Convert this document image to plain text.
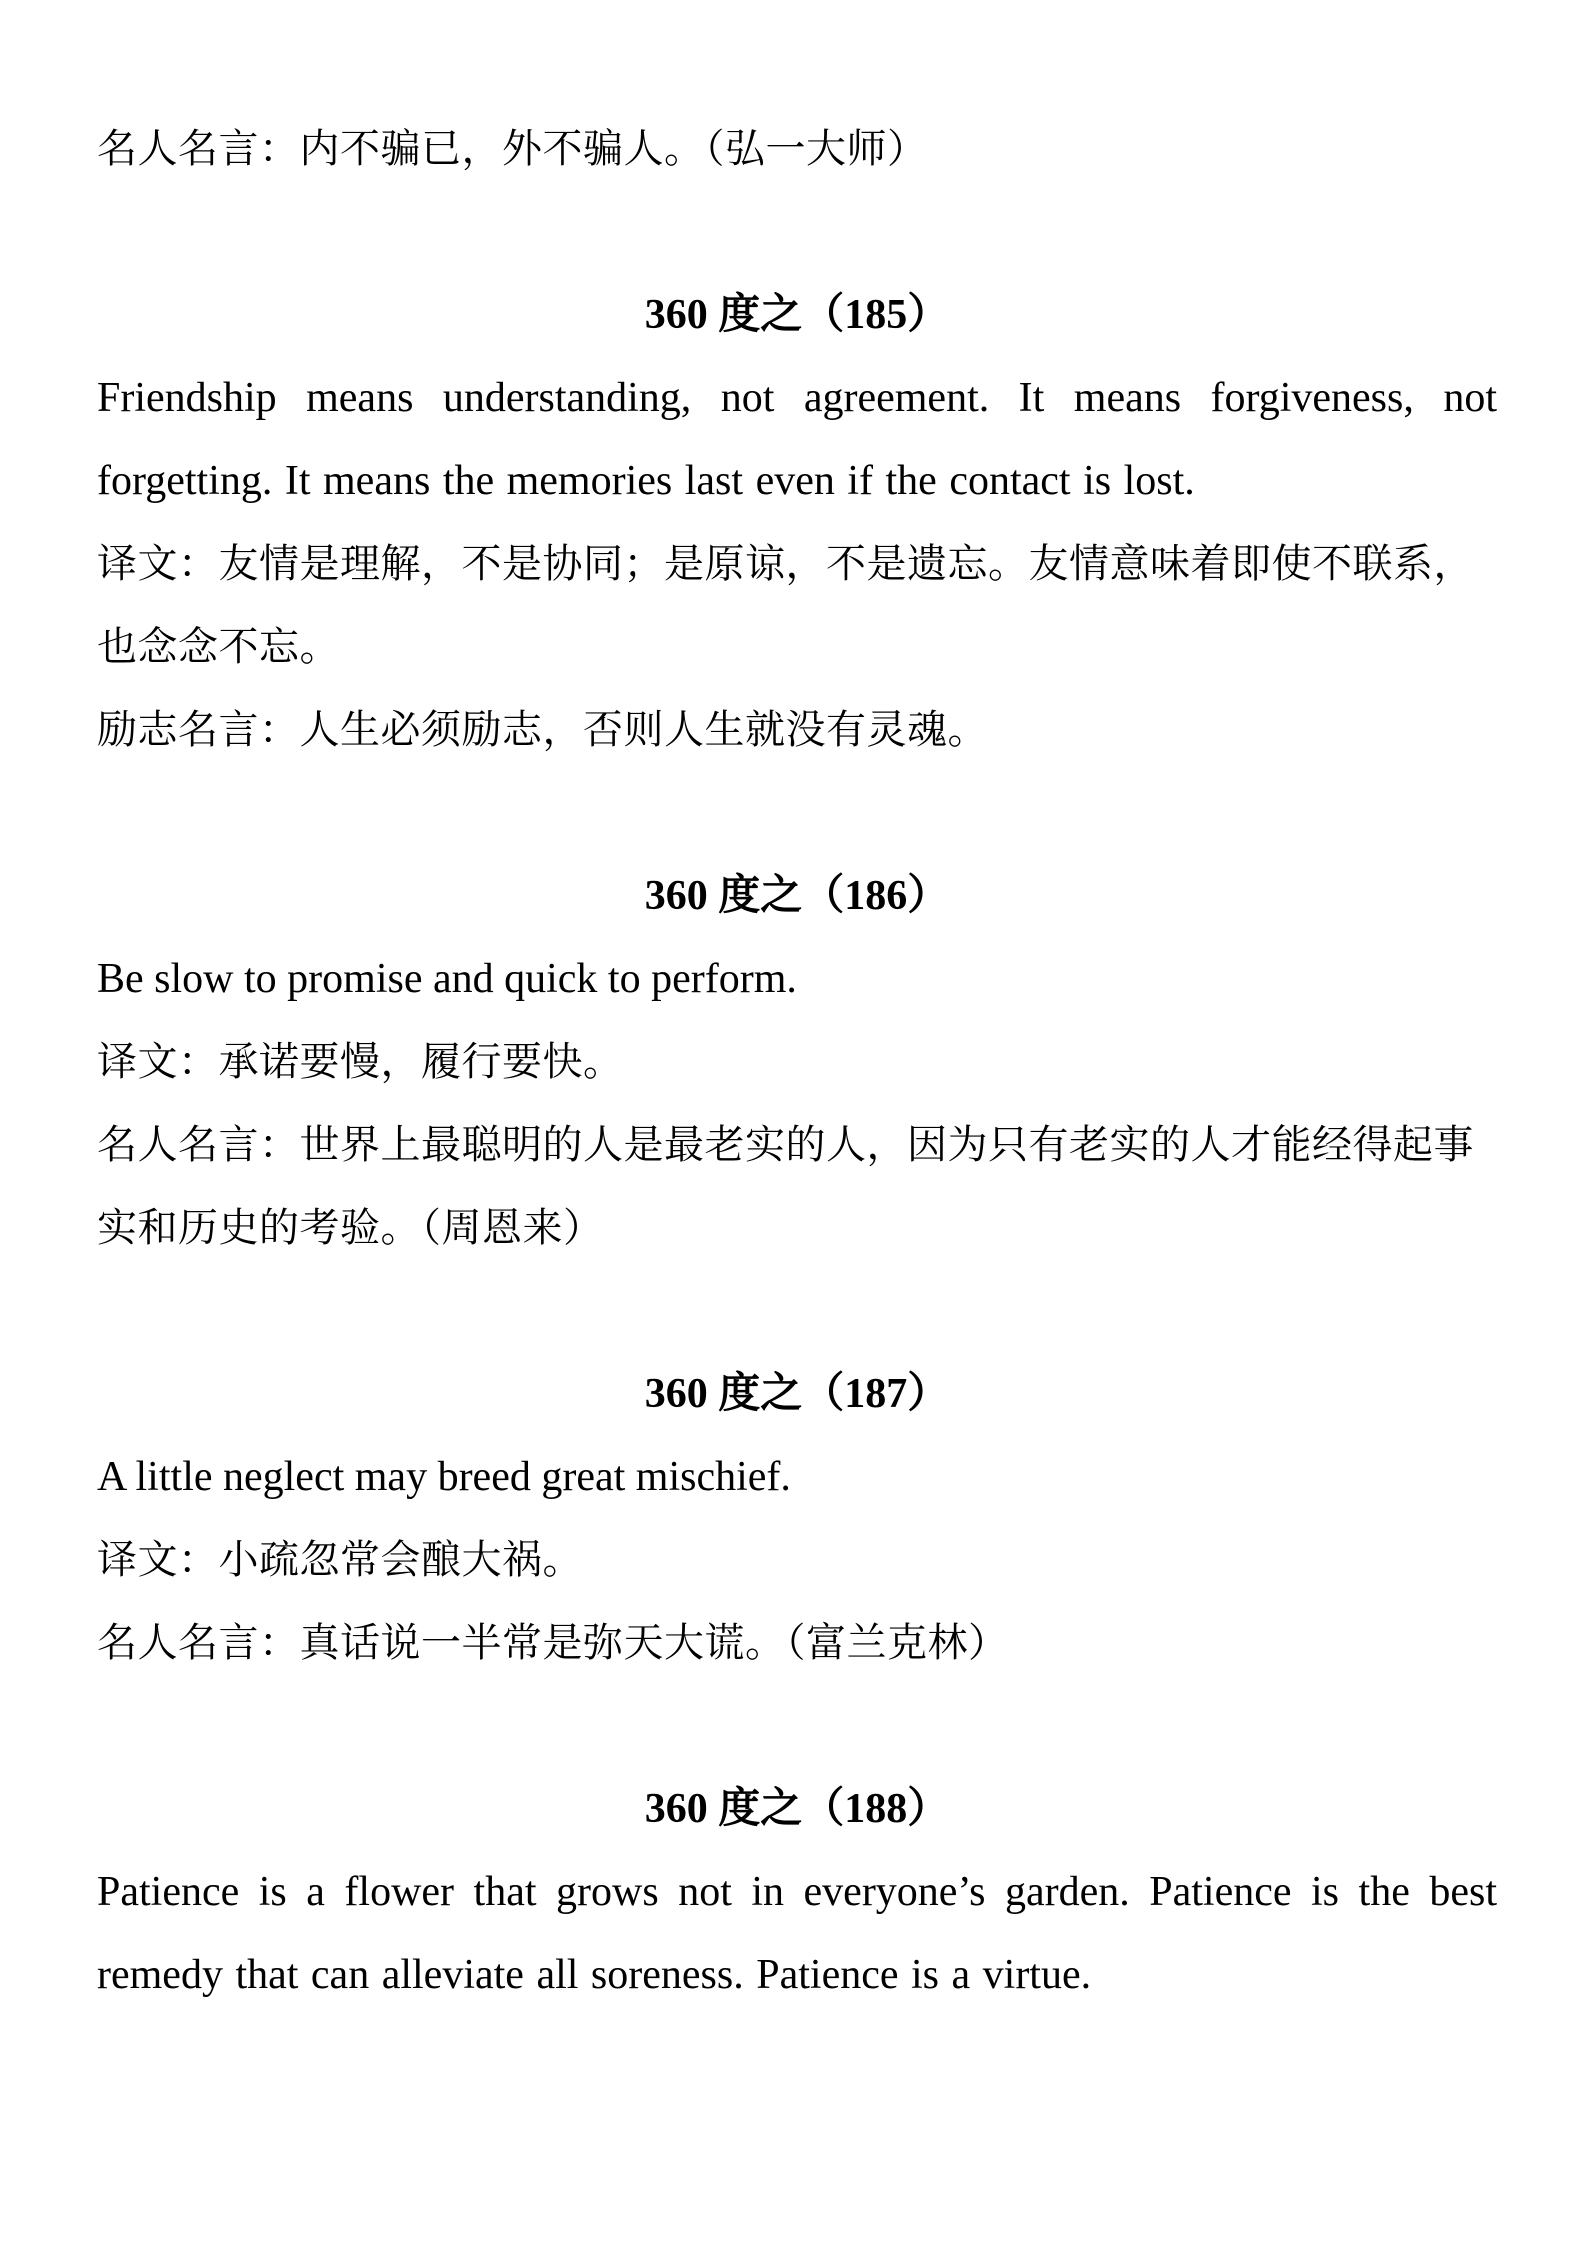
名人名言：内不骗已，外不骗人。（弘一大师）

360 度之（185）

Friendship means understanding, not agreement. It means forgiveness, not forgetting. It means the memories last even if the contact is lost.

译文：友情是理解，不是协同；是原谅，不是遗忘。友情意味着即使不联系，也念念不忘。

励志名言：人生必须励志，否则人生就没有灵魂。

360 度之（186）

Be slow to promise and quick to perform.

译文：承诺要慢，履行要快。

名人名言：世界上最聪明的人是最老实的人，因为只有老实的人才能经得起事实和历史的考验。（周恩来）

360 度之（187）

A little neglect may breed great mischief.

译文：小疏忽常会酿大祸。

名人名言：真话说一半常是弥天大谎。（富兰克林）

360 度之（188）

Patience is a flower that grows not in everyone’s garden. Patience is the best remedy that can alleviate all soreness. Patience is a virtue.
